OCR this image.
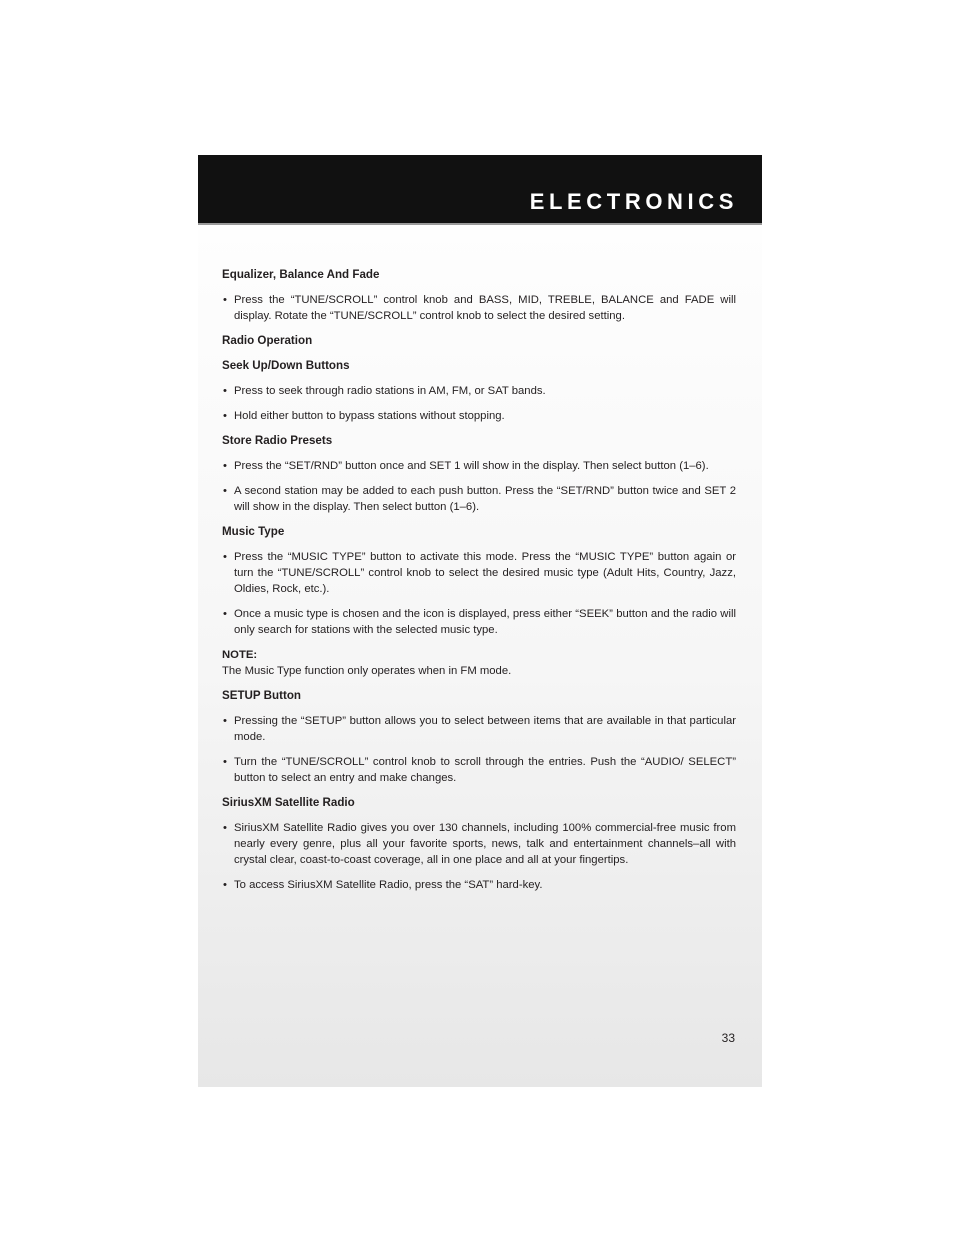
ELECTRONICS

Equalizer, Balance And Fade

• Press the “TUNE/SCROLL” control knob and BASS, MID, TREBLE, BALANCE and FADE will display. Rotate the “TUNE/SCROLL” control knob to select the desired setting.

Radio Operation

Seek Up/Down Buttons

• Press to seek through radio stations in AM, FM, or SAT bands.
• Hold either button to bypass stations without stopping.

Store Radio Presets

• Press the “SET/RND” button once and SET 1 will show in the display. Then select button (1–6).
• A second station may be added to each push button. Press the “SET/RND” button twice and SET 2 will show in the display. Then select button (1–6).

Music Type

• Press the “MUSIC TYPE” button to activate this mode. Press the “MUSIC TYPE” button again or turn the “TUNE/SCROLL” control knob to select the desired music type (Adult Hits, Country, Jazz, Oldies, Rock, etc.).
• Once a music type is chosen and the icon is displayed, press either “SEEK” button and the radio will only search for stations with the selected music type.

NOTE:

The Music Type function only operates when in FM mode.

SETUP Button

• Pressing the “SETUP” button allows you to select between items that are available in that particular mode.
• Turn the “TUNE/SCROLL” control knob to scroll through the entries. Push the “AUDIO/ SELECT” button to select an entry and make changes.

SiriusXM Satellite Radio

• SiriusXM Satellite Radio gives you over 130 channels, including 100% commercial-free music from nearly every genre, plus all your favorite sports, news, talk and entertainment channels–all with crystal clear, coast-to-coast coverage, all in one place and all at your fingertips.
• To access SiriusXM Satellite Radio, press the “SAT” hard-key.
33
